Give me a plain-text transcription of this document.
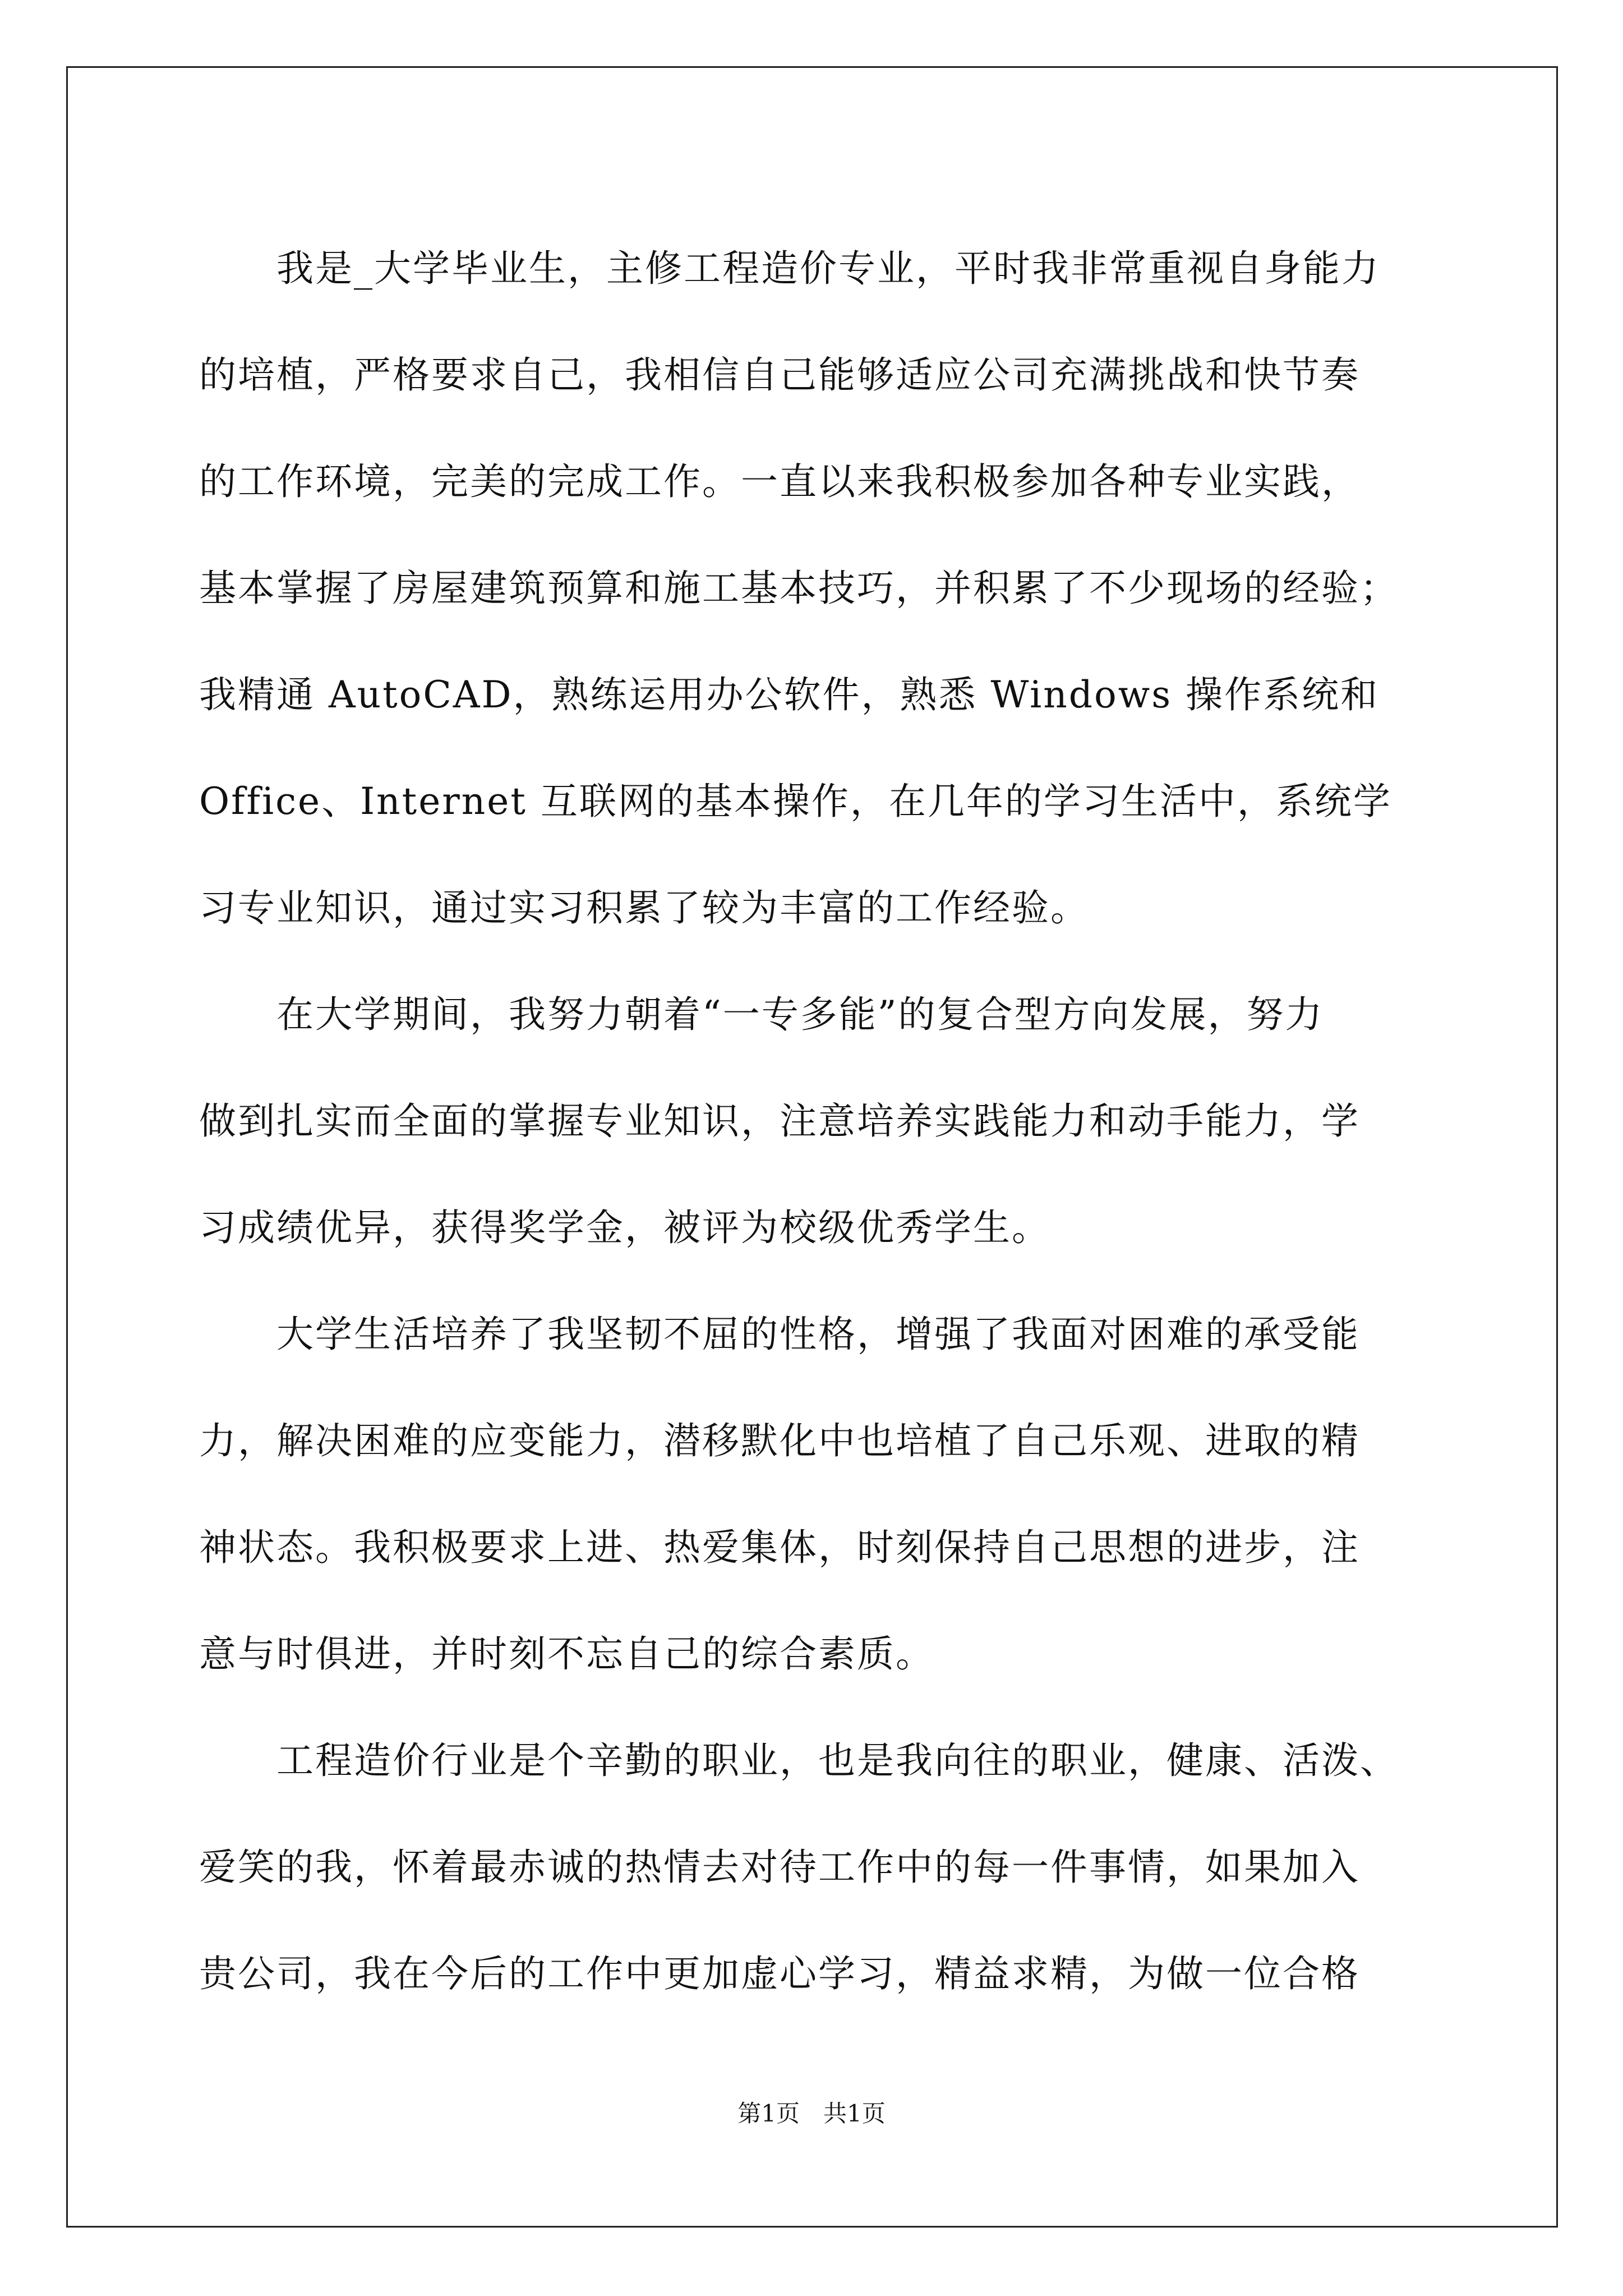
　　我是_大学毕业生，主修工程造价专业，平时我非常重视自身能力
的培植，严格要求自己，我相信自己能够适应公司充满挑战和快节奏
的工作环境，完美的完成工作。一直以来我积极参加各种专业实践，
基本掌握了房屋建筑预算和施工基本技巧，并积累了不少现场的经验；
我精通 AutoCAD，熟练运用办公软件，熟悉 Windows 操作系统和
Office、Internet 互联网的基本操作，在几年的学习生活中，系统学
习专业知识，通过实习积累了较为丰富的工作经验。
　　在大学期间，我努力朝着“一专多能”的复合型方向发展，努力
做到扎实而全面的掌握专业知识，注意培养实践能力和动手能力，学
习成绩优异，获得奖学金，被评为校级优秀学生。
　　大学生活培养了我坚韧不屈的性格，增强了我面对困难的承受能
力，解决困难的应变能力，潜移默化中也培植了自己乐观、进取的精
神状态。我积极要求上进、热爱集体，时刻保持自己思想的进步，注
意与时俱进，并时刻不忘自己的综合素质。
　　工程造价行业是个辛勤的职业，也是我向往的职业，健康、活泼、
爱笑的我，怀着最赤诚的热情去对待工作中的每一件事情，如果加入
贵公司，我在今后的工作中更加虚心学习，精益求精，为做一位合格
第1页　共1页
